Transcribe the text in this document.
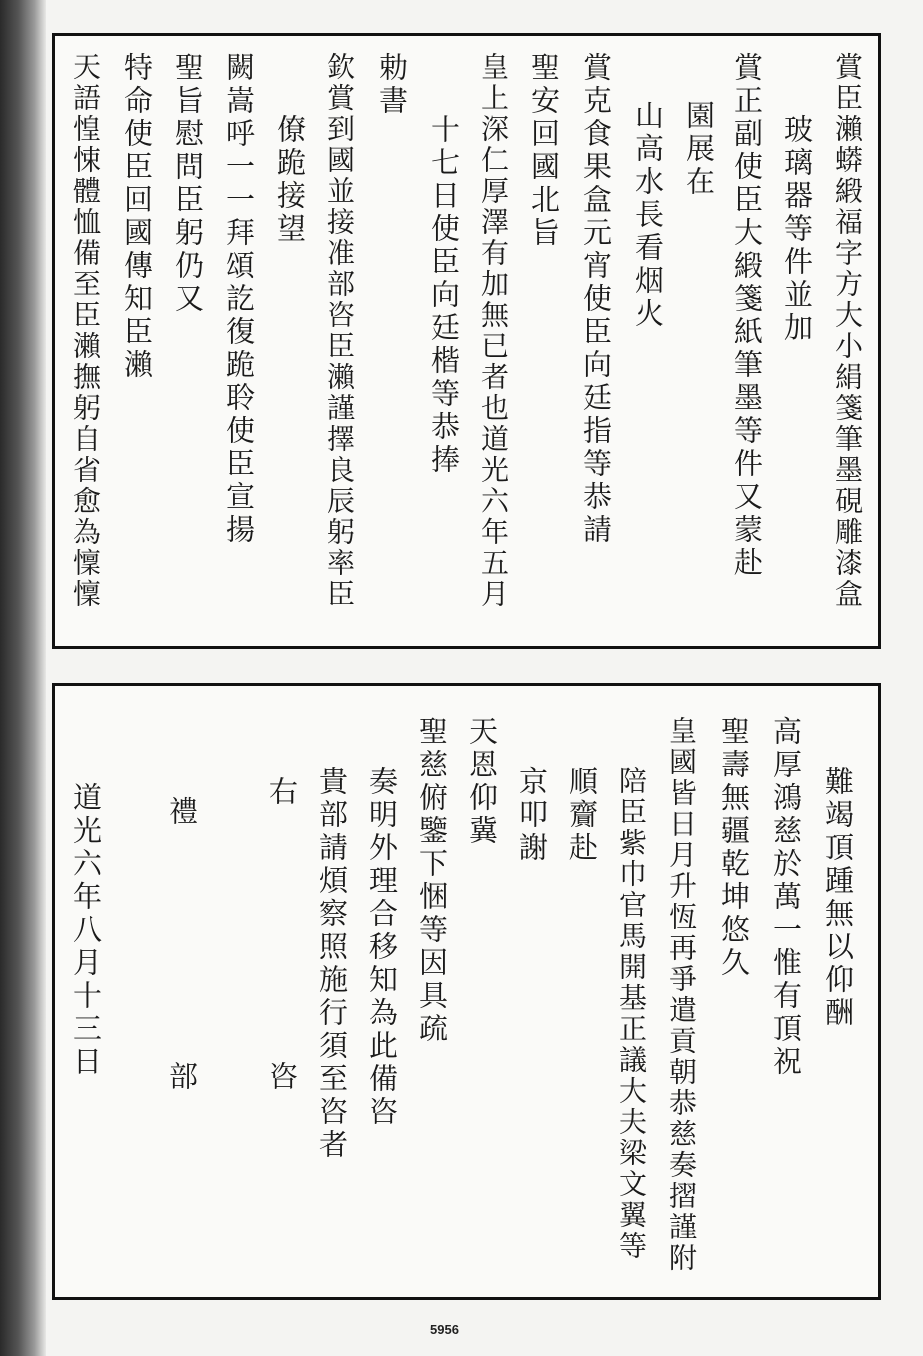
賞臣瀨蟒緞福字方大小絹箋筆墨硯雕漆盒
玻璃器等件並加
賞正副使臣大緞箋紙筆墨等件又蒙赴
園展在
山高水長看烟火
賞克食果盒元宵使臣向廷指等恭請
聖安回國北旨
皇上深仁厚澤有加無已者也道光六年五月
十七日使臣向廷楷等恭捧
勅書
欽賞到國並接准部咨臣瀨謹擇良辰躬率臣
僚跪接望
闕嵩呼一一拜頌訖復跪聆使臣宣揚
聖旨慰問臣躬仍又
特命使臣回國傳知臣瀨
天語惶悚體恤備至臣瀨撫躬自省愈為懍懍
難竭頂踵無以仰酬
高厚鴻慈於萬一惟有頂祝
聖壽無疆乾坤悠久
皇國皆日月升恆再爭遣貢朝恭慈奏摺謹附
陪臣紫巾官馬開基正議大夫梁文翼等
順齎赴
京叩謝
天恩仰冀
聖慈俯鑒下悃等因具疏
奏明外理合移知為此備咨
貴部請煩察照施行須至咨者
右
咨
禮
部
道光六年八月十三日
5956
